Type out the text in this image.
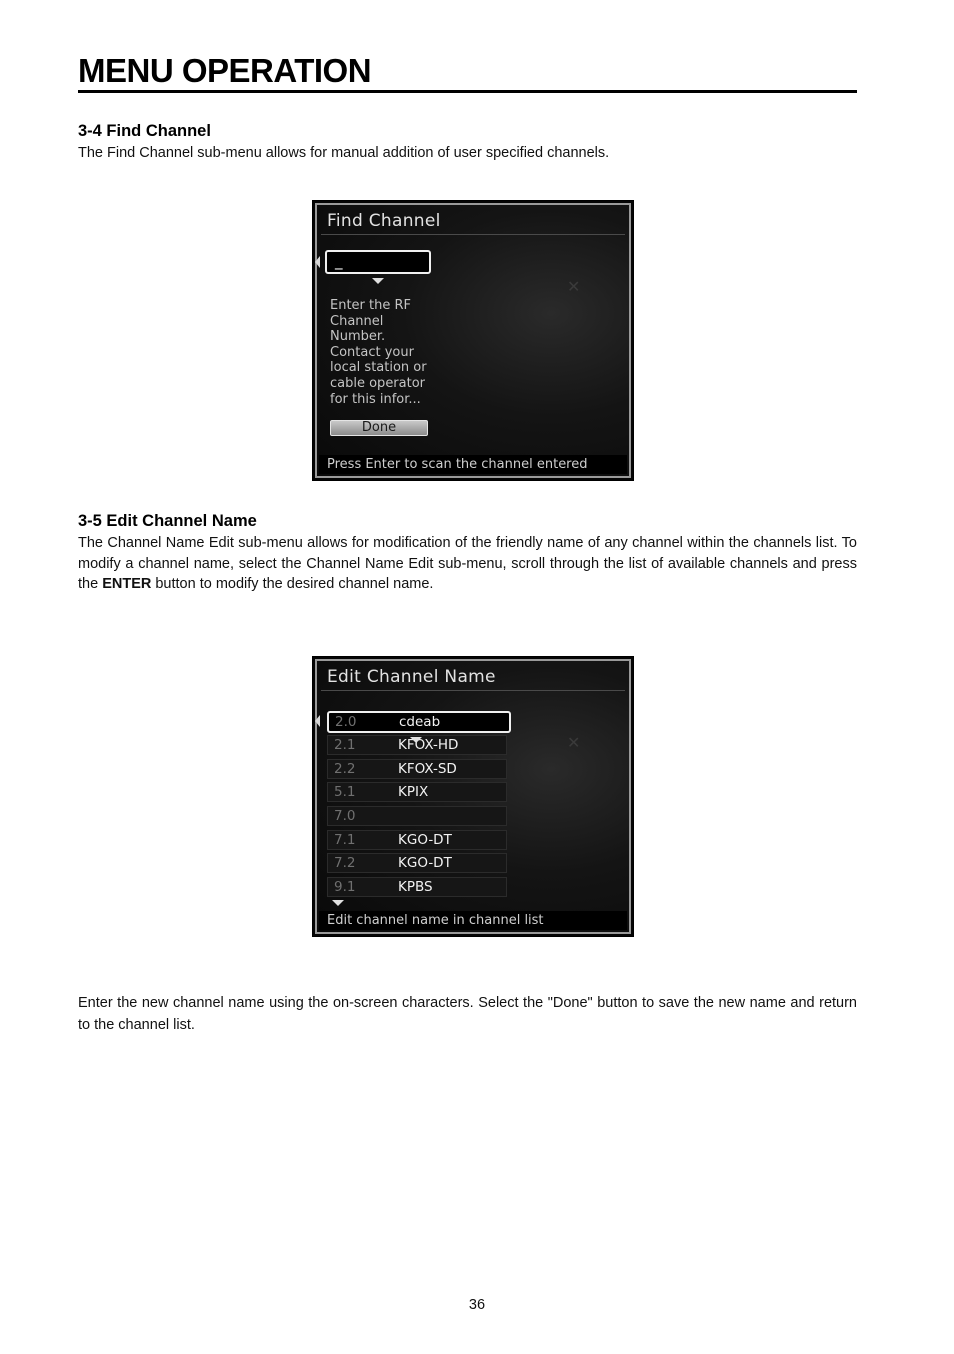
MENU OPERATION
3-4 Find Channel

The Find Channel sub-menu allows for manual addition of user specified channels.

✕
Find Channel
_

Enter the RF
Channel
Number.
Contact your
local station or
cable operator
for this infor...

Done
Press Enter to scan the channel entered
3-5 Edit Channel Name

The Channel Name Edit sub-menu allows for modification of the friendly name of any channel within the channels list. To modify a channel name, select the Channel Name Edit sub-menu, scroll through the list of available channels and press the ENTER button to modify the desired channel name.

✕
Edit Channel Name
2.0	cdeab
2.1	KFOX-HD
2.2	KFOX-SD
5.1	KPIX
7.0
7.1	KGO-DT
7.2	KGO-DT
9.1	KPBS
Edit channel name in channel list

Enter the new channel name using the on-screen characters. Select the "Done" button to save the new name and return to the channel list.

36
